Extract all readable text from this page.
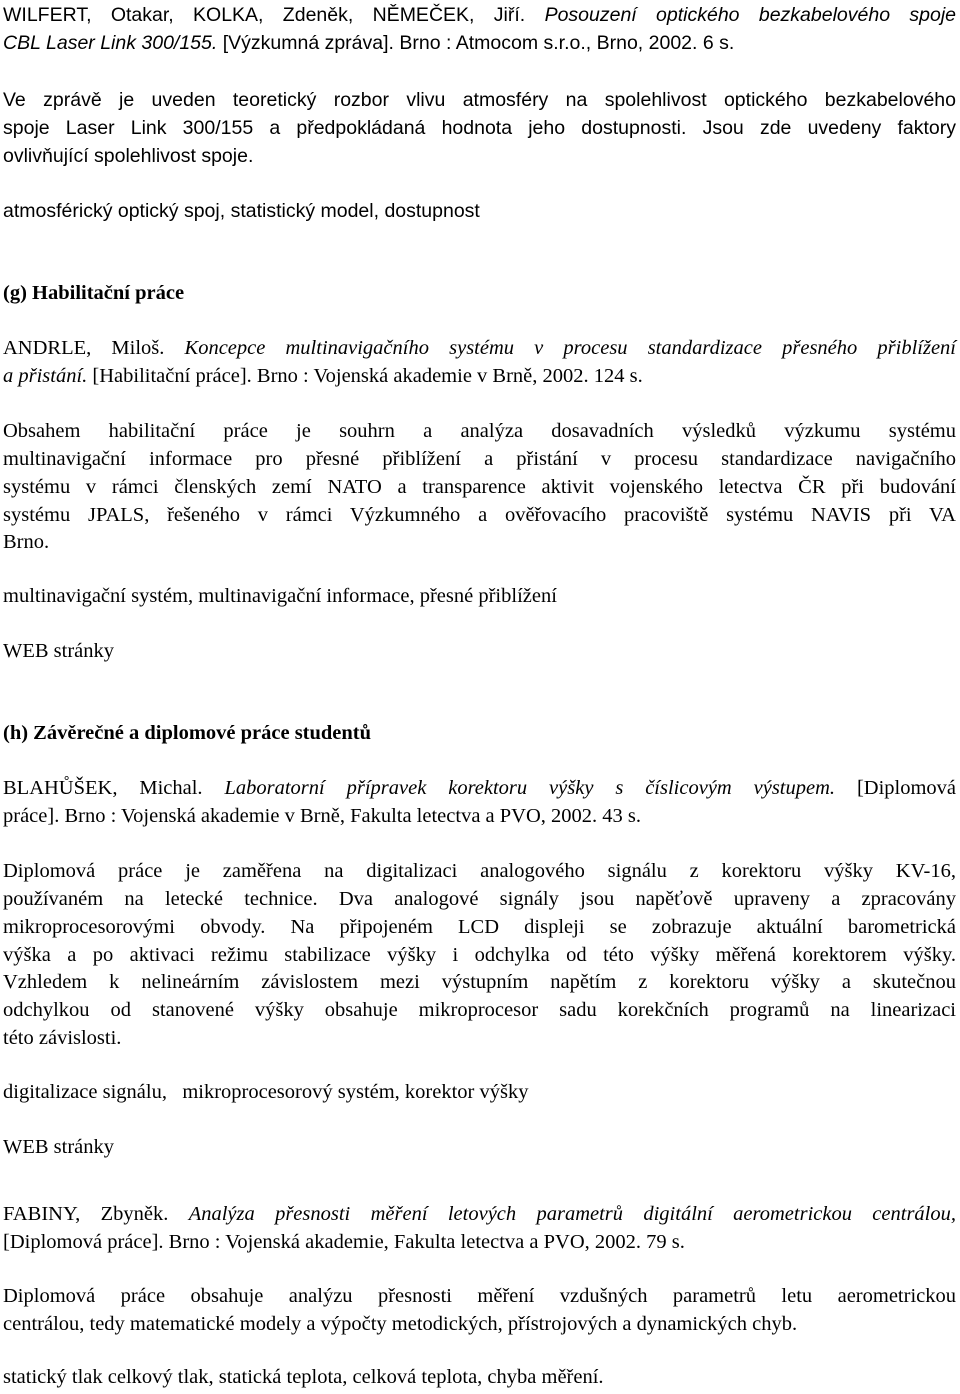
WILFERT, Otakar, KOLKA, Zdeněk, NĚMEČEK, Jiří. Posouzení optického bezkabelového spoje
CBL Laser Link 300/155. [Výzkumná zpráva]. Brno : Atmocom s.r.o., Brno, 2002. 6 s.
Ve zprávě je uveden teoretický rozbor vlivu atmosféry na spolehlivost optického bezkabelového
spoje Laser Link 300/155 a předpokládaná hodnota jeho dostupnosti. Jsou zde uvedeny faktory
ovlivňující spolehlivost spoje.
atmosférický optický spoj, statistický model, dostupnost
(g) Habilitační práce
ANDRLE, Miloš. Koncepce multinavigačního systému v procesu standardizace přesného přiblížení
a přistání. [Habilitační práce]. Brno : Vojenská akademie v Brně, 2002. 124 s.
Obsahem habilitační práce je souhrn a analýza dosavadních výsledků výzkumu systému
multinavigační informace pro přesné přiblížení a přistání v procesu standardizace navigačního
systému v rámci členských zemí NATO a transparence aktivit vojenského letectva ČR při budování
systému JPALS, řešeného v rámci Výzkumného a ověřovacího pracoviště systému NAVIS při VA
Brno.
multinavigační systém, multinavigační informace, přesné přiblížení
WEB stránky
(h) Závěrečné a diplomové práce studentů
BLAHŮŠEK, Michal. Laboratorní přípravek korektoru výšky s číslicovým výstupem. [Diplomová
práce]. Brno : Vojenská akademie v Brně, Fakulta letectva a PVO, 2002. 43 s.
Diplomová práce je zaměřena na digitalizaci analogového signálu z korektoru výšky KV-16,
používaném na letecké technice. Dva analogové signály jsou napěťově upraveny a zpracovány
mikroprocesorovými obvody. Na připojeném LCD displeji se zobrazuje aktuální barometrická
výška a po aktivaci režimu stabilizace výšky i odchylka od této výšky měřená korektorem výšky.
Vzhledem k nelineárním závislostem mezi výstupním napětím z korektoru výšky a skutečnou
odchylkou od stanovené výšky obsahuje mikroprocesor sadu korekčních programů na linearizaci
této závislosti.
digitalizace signálu,   mikroprocesorový systém, korektor výšky
WEB stránky
FABINY, Zbyněk. Analýza přesnosti měření letových parametrů digitální aerometrickou centrálou,
[Diplomová práce]. Brno : Vojenská akademie, Fakulta letectva a PVO, 2002. 79 s.
Diplomová práce obsahuje analýzu přesnosti měření vzdušných parametrů letu aerometrickou
centrálou, tedy matematické modely a výpočty metodických, přístrojových a dynamických chyb.
statický tlak celkový tlak, statická teplota, celková teplota, chyba měření.
